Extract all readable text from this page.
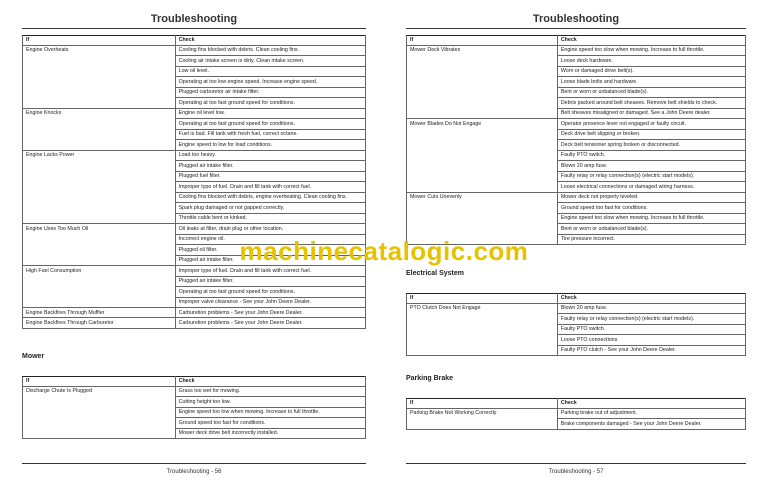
Troubleshooting
If	Check
Engine Overheats	Cooling fins blocked with debris. Clean cooling fins.
	Cooling air intake screen is dirty. Clean intake screen.
	Low oil level.
	Operating at too low engine speed. Increase engine speed.
	Plugged carburetor air intake filter.
	Operating at too fast ground speed for conditions.
Engine Knocks	Engine oil level low.
	Operating at too fast ground speed for conditions.
	Fuel is bad. Fill tank with fresh fuel, correct octane.
	Engine speed to low for load conditions.
Engine Lacks Power	Load too heavy.
	Plugged air intake filter.
	Plugged fuel filter.
	Improper type of fuel. Drain and fill tank with correct fuel.
	Cooling fins blocked with debris, engine overheating. Clean cooling fins.
	Spark plug damaged or not gapped correctly.
	Throttle cable bent or kinked.
Engine Uses Too Much Oil	Oil leaks at filter, drain plug or other location.
	Incorrect engine oil.
	Plugged oil filter.
	Plugged air intake filter.
High Fuel Consumption	Improper type of fuel. Drain and fill tank with correct fuel.
	Plugged air intake filter.
	Operating at too fast ground speed for conditions.
	Improper valve clearance - See your John Deere Dealer.
Engine Backfires Through Muffler	Carburetion problems - See your John Deere Dealer.
Engine Backfires Through Carburetor	Carburetion problems - See your John Deere Dealer.
Mower
If	Check
Discharge Chute Is Plugged	Grass too wet for mowing.
	Cutting height too low.
	Engine speed too low when mowing. Increase to full throttle.
	Ground speed too fast for conditions.
	Mower deck drive belt incorrectly installed.
Troubleshooting - 56
Troubleshooting
If	Check
Mower Deck Vibrates	Engine speed too slow when mowing. Increase to full throttle.
	Loose deck hardware.
	Worn or damaged drive belt(s).
	Loose blade bolts and hardware.
	Bent or worn or unbalanced blade(s).
	Debris packed around belt sheaves. Remove belt shields to check.
	Belt sheaves misaligned or damaged. See a John Deere dealer.
Mower Blades Do Not Engage	Operator presence lever not engaged or faulty circuit.
	Deck drive belt slipping or broken.
	Deck belt tensioner spring broken or disconnected.
	Faulty PTO switch.
	Blown 20 amp fuse.
	Faulty relay or relay connection(s) (electric start models).
	Loose electrical connections or damaged wiring harness.
Mower Cuts Unevenly	Mower deck not properly leveled.
	Ground speed too fast for conditions.
	Engine speed too slow when mowing. Increase to full throttle.
	Bent or worn or unbalanced blade(s).
	Tire pressure incorrect.
Electrical System
If	Check
PTO Clutch Does Not Engage	Blown 20 amp fuse.
	Faulty relay or relay connection(s) (electric start models).
	Faulty PTO switch.
	Loose PTO connections.
	Faulty PTO clutch - See your John Deere Dealer.
Parking Brake
If	Check
Parking Brake Not Working Correctly	Parking brake out of adjustment.
	Brake components damaged - See your John Deere Dealer.
Troubleshooting - 57
machinecatalogic.com
